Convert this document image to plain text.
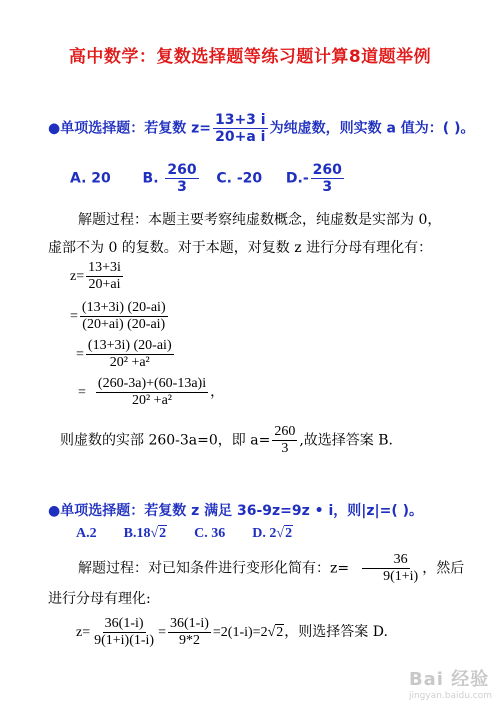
高中数学：复数选择题等练习题计算8道题举例
●单项选择题：若复数 $z= \frac{13+3 i}{\text{20+a i}}$ 为纯虚数，则实数 a 值为：( )。
A. 20 B. $\frac{260}{3} C$. -20 $D.- \frac{260}{3}$
解题过程：本题主要考察纯虚数概念，纯虚数是实部为 0，
虚部不为 0 的复数。对于本题，对复数 z 进行分母有理化有：
$z= \frac{13+3i}{20+ai}$
= $\frac{(13+3i) (20-ai)}{(20+ai) (20-ai)}$
= $\frac{(13+3i) (20-ai)}{\text{20² +a²}}$
= $\frac{(260-3a)+(60-13a)i}{\text{20² +a²}}$ ，
则虚数的实部 260-3a=0，即 $a= \frac{260}{3}$ ,故选择答案 B.
●单项选择题：若复数 z 满足 36-9z=9z • i，则|z|=( )。
A.2 B.18√2 C. 36 D. 2√2
解题过程：对已知条件进行变形化简有：$z= \frac{36}{9(1+i)}$ ，然后
进行分母有理化:
$z= \frac{36(1-i)}{9(1+i)(1-i)} = \frac{36(1-i)}{9*2} =2(1-i)=2√2$，则选择答案 D.
Bai 经验
jingyan.baidu.com
